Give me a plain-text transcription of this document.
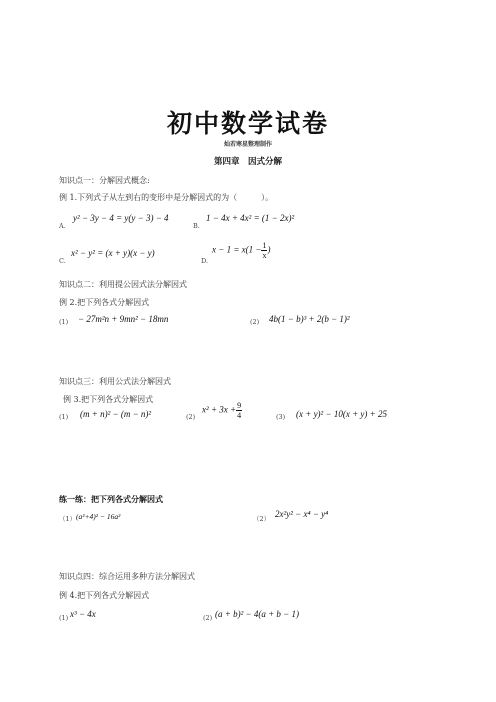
初中数学试卷
灿若寒星整理制作
第四章　因式分解
知识点一：分解因式概念:
例 1.下列式子从左到右的变形中是分解因式的为（　　　）。
A.
y² − 3y − 4 = y(y − 3) − 4
B.
1 − 4x + 4x² = (1 − 2x)²
C.
x² − y² = (x + y)(x − y)
D.
$x - 1 = x(1 - \frac{1}{x}$ )
知识点二：利用提公因式法分解因式
例 2.把下列各式分解因式
(1) − 27m²n + 9mn² − 18mn	(2) 4b(1 − b)³ + 2(b − 1)²
知识点三：利用公式法分解因式
例 3.把下列各式分解因式
(1) (m + n)² − (m − n)²	(2)
$x^2 + 3x + \frac{9}{4}$	(3) (x + y)² − 10(x + y) + 25
练一练：把下列各式分解因式
（1） (a²+4)² − 16a²	（2） 2x²y² − x⁴ − y⁴
知识点四：综合运用多种方法分解因式
例 4.把下列各式分解因式
(1) x³ − 4x	(2) (a + b)² − 4(a + b − 1)
